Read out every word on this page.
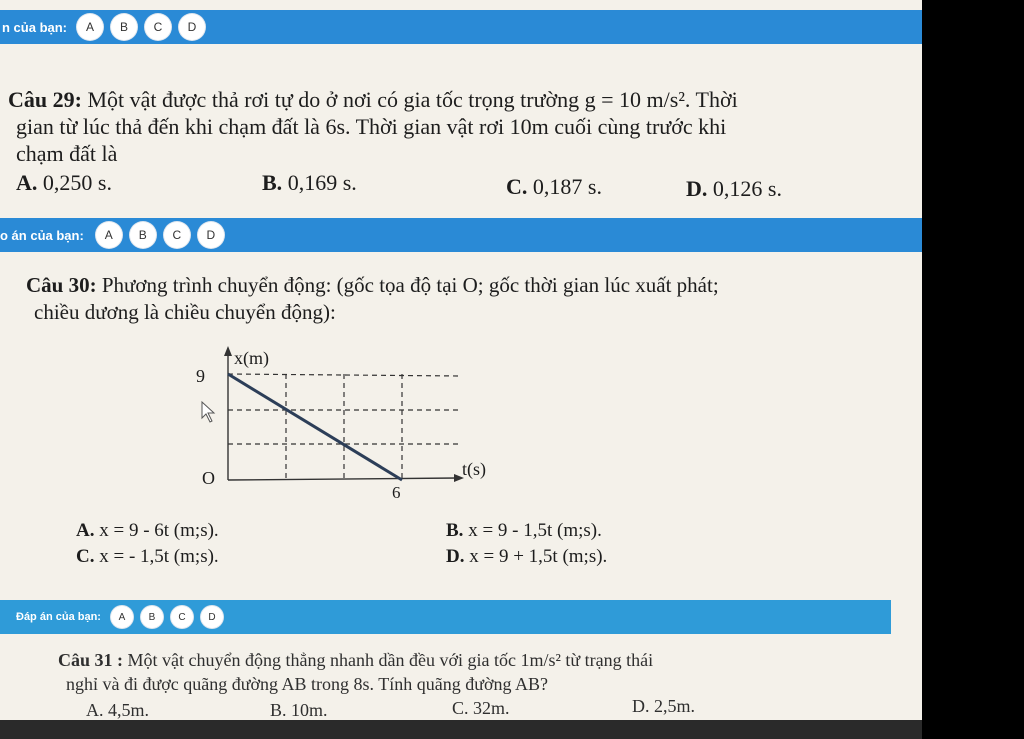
n của bạn:	A	B	C	D
Câu 29: Một vật được thả rơi tự do ở nơi có gia tốc trọng trường g = 10 m/s². Thời
gian từ lúc thả đến khi chạm đất là 6s. Thời gian vật rơi 10m cuối cùng trước khi
chạm đất là
A. 0,250 s.	B. 0,169 s.	C. 0,187 s.	D. 0,126 s.
o án của bạn:	A	B	C	D
Câu 30: Phương trình chuyển động: (gốc tọa độ tại O; gốc thời gian lúc xuất phát;
chiều dương là chiều chuyển động):
x(m)
t(s)
9
6
O
A. x = 9 - 6t (m;s).	B. x = 9 - 1,5t (m;s).
C. x = - 1,5t (m;s).	D. x = 9 + 1,5t (m;s).
Đáp án của bạn:	A	B	C	D
Câu 31 : Một vật chuyển động thẳng nhanh dần đều với gia tốc 1m/s² từ trạng thái
nghỉ và đi được quãng đường AB trong 8s. Tính quãng đường AB?
A. 4,5m.	B. 10m.	C. 32m.	D. 2,5m.
